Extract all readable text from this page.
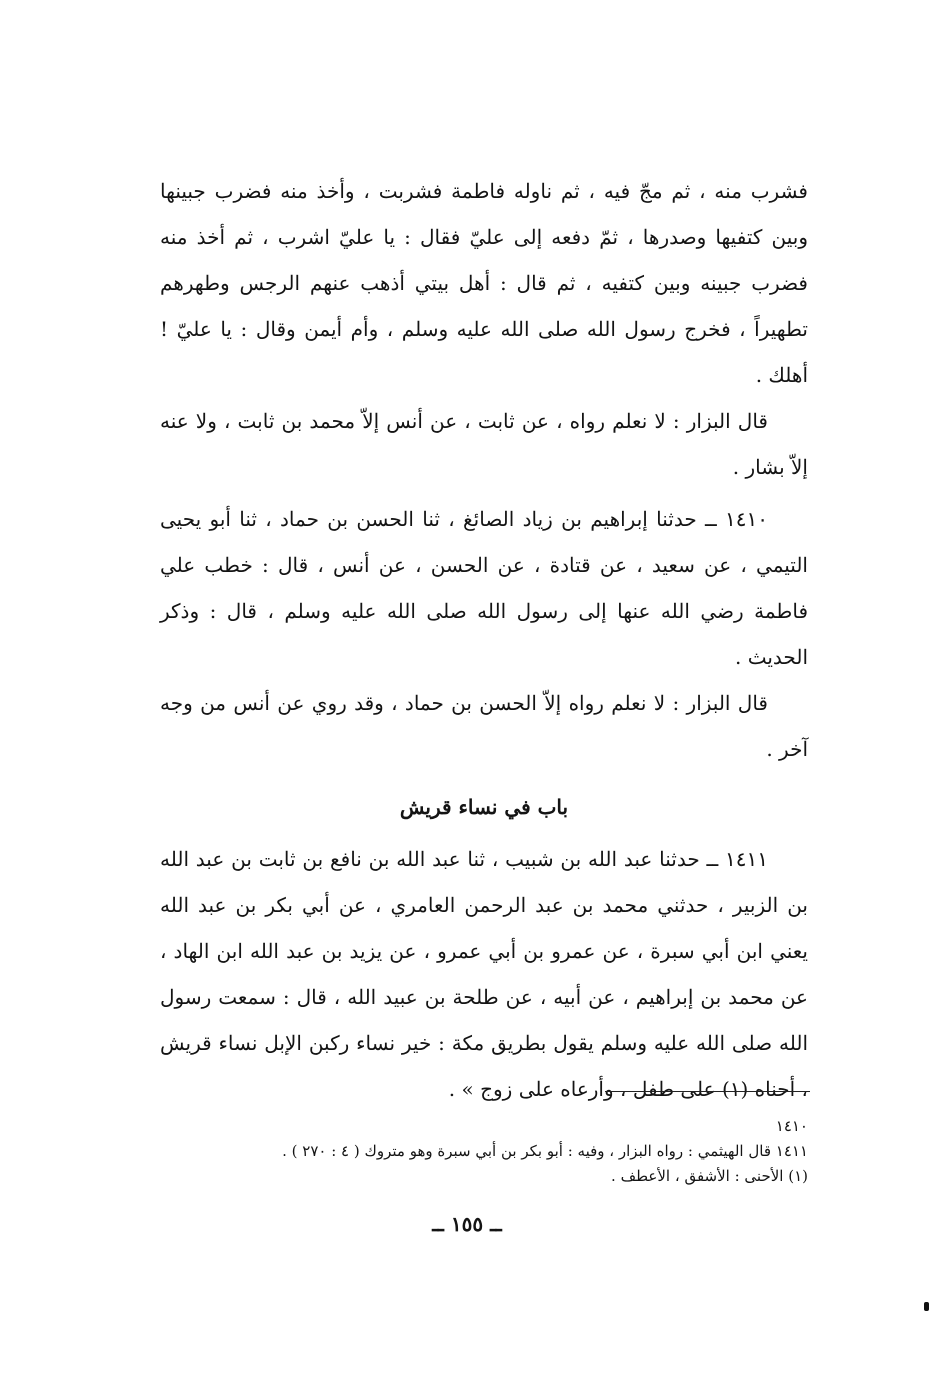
فشرب منه ، ثم مجّ فيه ، ثم ناوله فاطمة فشربت ، وأخذ منه فضرب جبينها وبين كتفيها وصدرها ، ثمّ دفعه إلى عليّ فقال : يا عليّ اشرب ، ثم أخذ منه فضرب جبينه وبين كتفيه ، ثم قال : أهل بيتي أذهب عنهم الرجس وطهرهم تطهيراً ، فخرج رسول الله صلى الله عليه وسلم ، وأم أيمن وقال : يا عليّ ! أهلك .

قال البزار : لا نعلم رواه ، عن ثابت ، عن أنس إلاّ محمد بن ثابت ، ولا عنه إلاّ بشار .

١٤١٠ ــ حدثنا إبراهيم بن زياد الصائغ ، ثنا الحسن بن حماد ، ثنا أبو يحيى التيمي ، عن سعيد ، عن قتادة ، عن الحسن ، عن أنس ، قال : خطب علي فاطمة رضي الله عنها إلى رسول الله صلى الله عليه وسلم ، قال : وذكر الحديث .

قال البزار : لا نعلم رواه إلاّ الحسن بن حماد ، وقد روي عن أنس من وجه آخر .

باب في نساء قريش

١٤١١ ــ حدثنا عبد الله بن شبيب ، ثنا عبد الله بن نافع بن ثابت بن عبد الله بن الزبير ، حدثني محمد بن عبد الرحمن العامري ، عن أبي بكر بن عبد الله يعني ابن أبي سبرة ، عن عمرو بن أبي عمرو ، عن يزيد بن عبد الله ابن الهاد ، عن محمد بن إبراهيم ، عن أبيه ، عن طلحة بن عبيد الله ، قال : سمعت رسول الله صلى الله عليه وسلم يقول بطريق مكة : خير نساء ركبن الإبل نساء قريش ، أحناه (١) على طفل ، وأرعاه على زوج » .

١٤١٠

١٤١١ قال الهيثمي : رواه البزار ، وفيه : أبو بكر بن أبي سبرة وهو متروك ( ٤ : ٢٧٠ ) .

(١) الأحنى : الأشفق ، الأعطف .

ــ ١٥٥ ــ
